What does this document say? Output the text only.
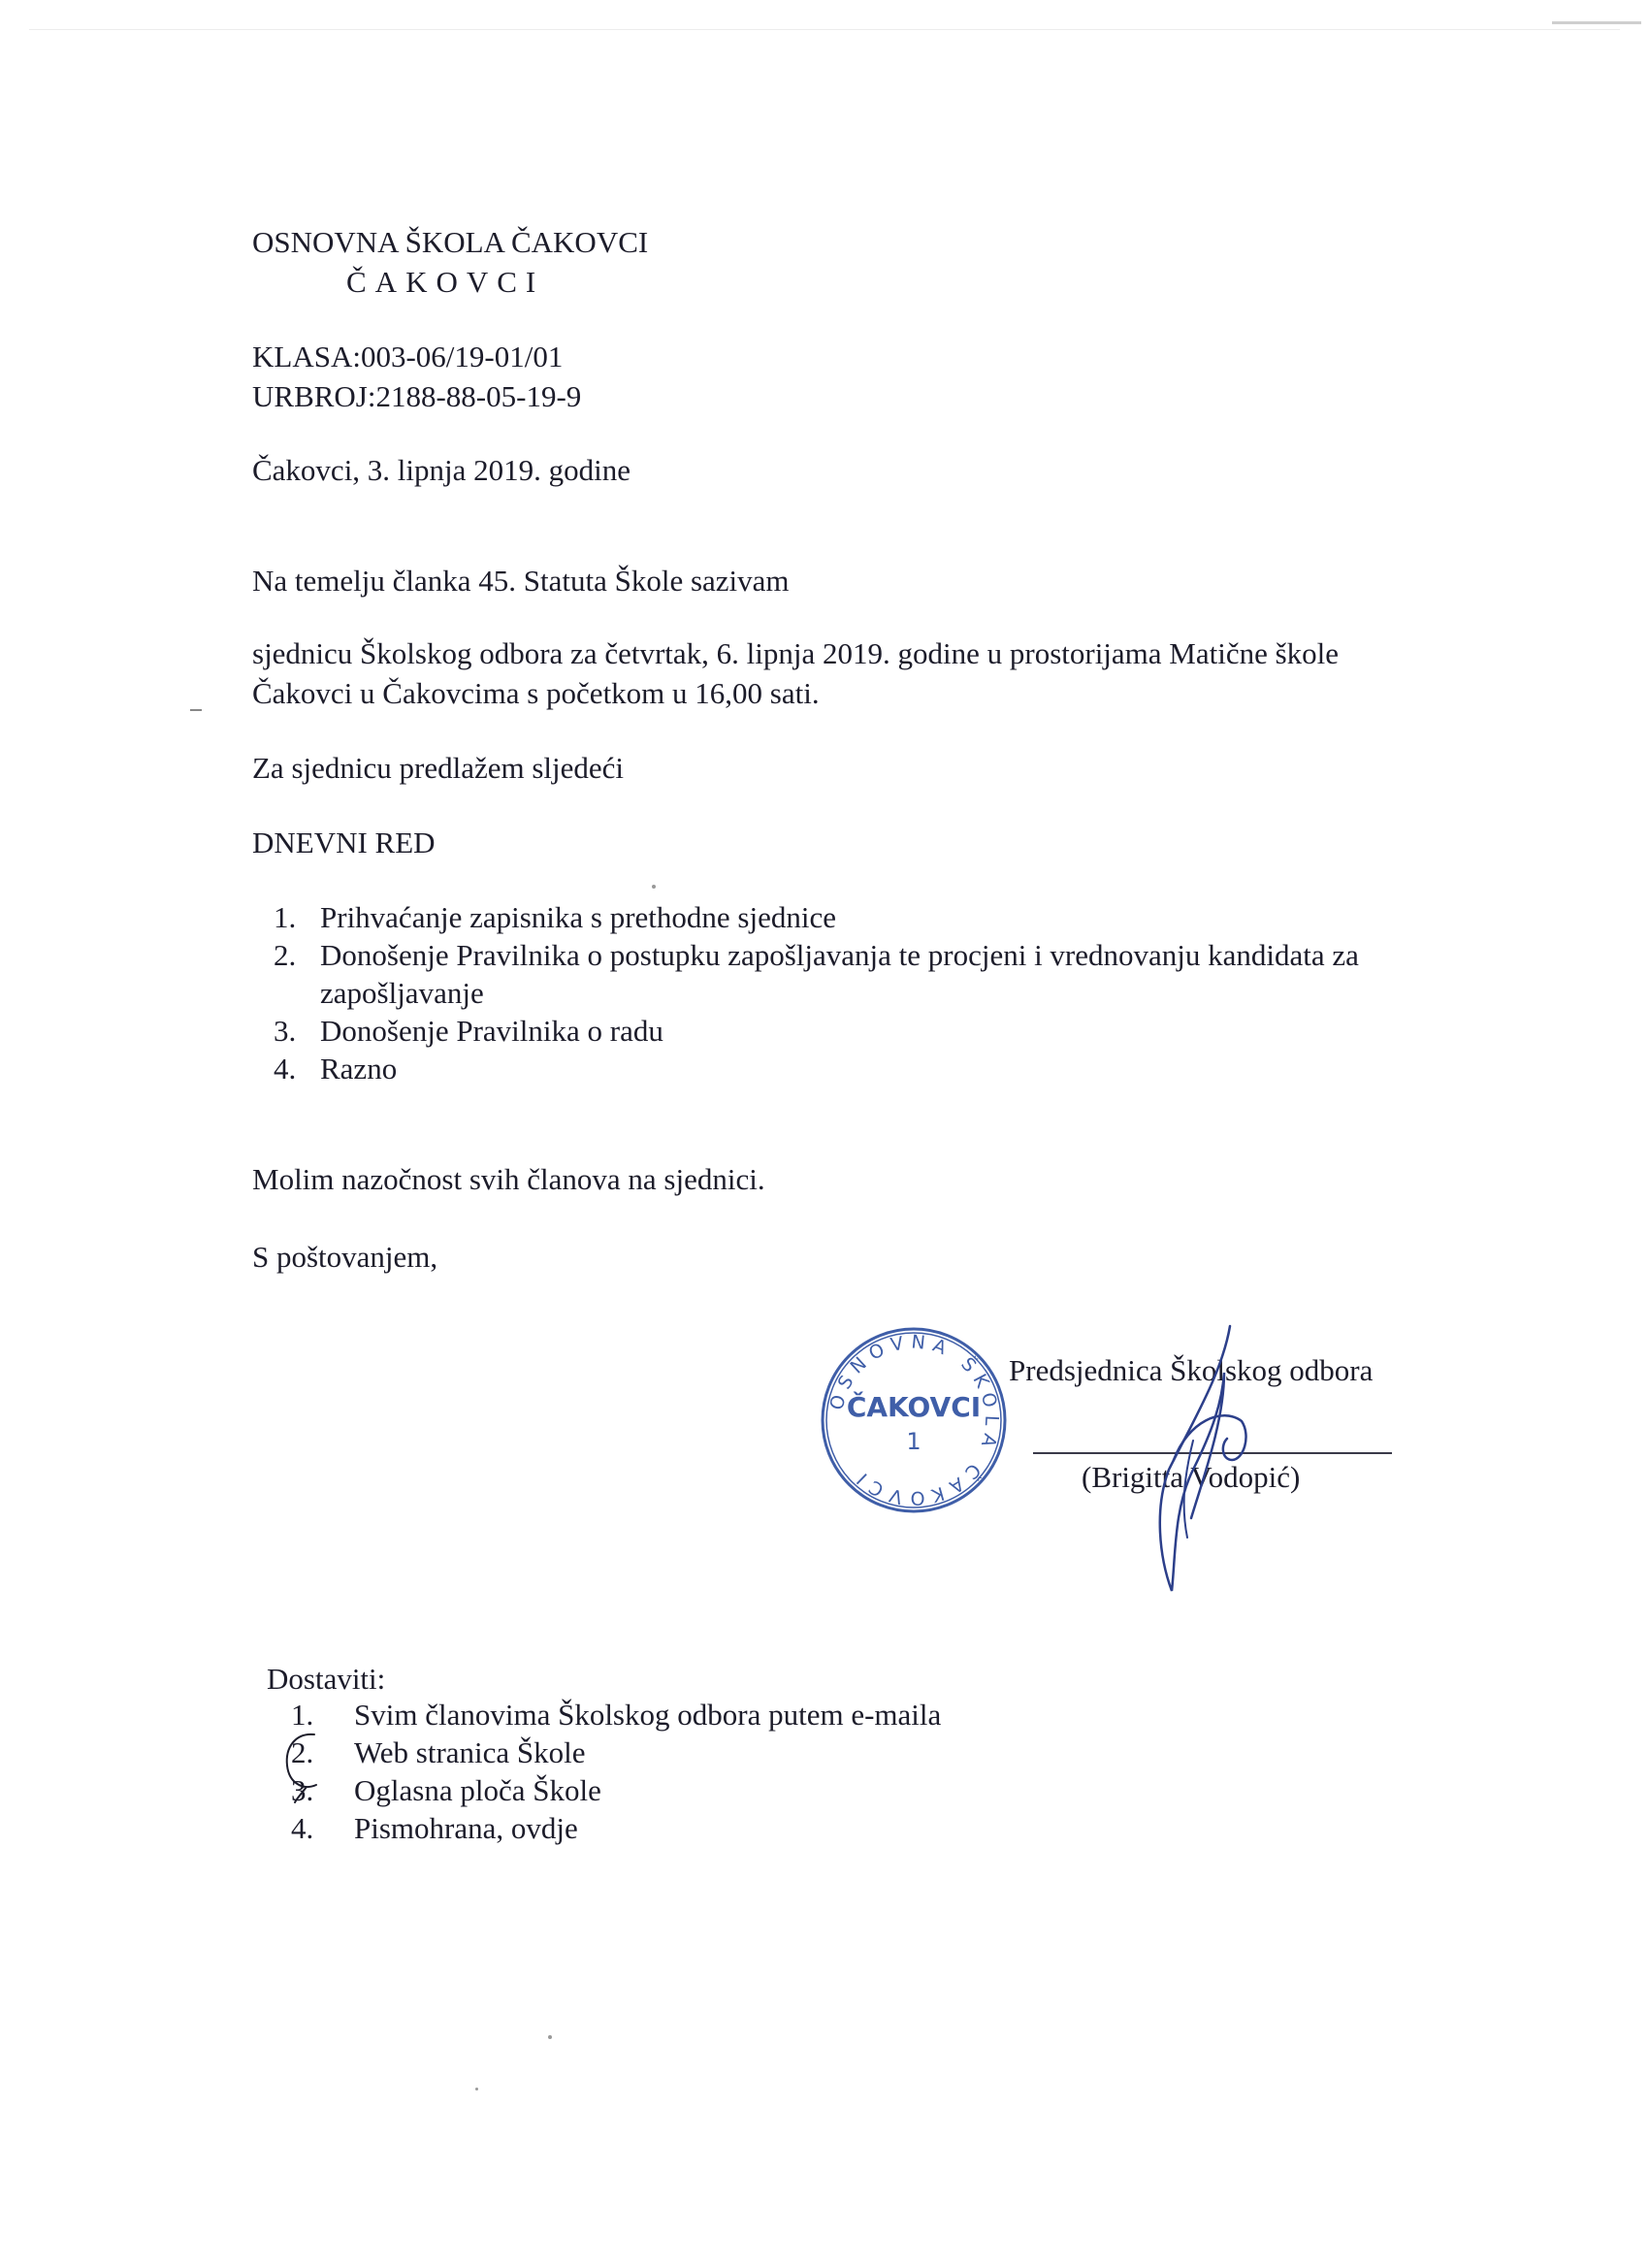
OSNOVNA ŠKOLA ČAKOVCI
ČAKOVCI
KLASA:003-06/19-01/01
URBROJ:2188-88-05-19-9
Čakovci, 3. lipnja 2019. godine
Na temelju članka 45. Statuta Škole sazivam
sjednicu Školskog odbora za četvrtak, 6. lipnja 2019. godine u prostorijama Matične škole
Čakovci u Čakovcima s početkom u 16,00 sati.
Za sjednicu predlažem sljedeći
DNEVNI RED
1. Prihvaćanje zapisnika s prethodne sjednice
2. Donošenje Pravilnika o postupku zapošljavanja te procjeni i vrednovanju kandidata za zapošljavanje
3. Donošenje Pravilnika o radu
4. Razno
Molim nazočnost svih članova na sjednici.
S poštovanjem,
OSNOVNA ŠKOLA ČAKOVCI
ČAKOVCI
1
Predsjednica Školskog odbora
(Brigitta Vodopić)
Dostaviti:
1. Svim članovima Školskog odbora putem e-maila
2. Web stranica Škole
3. Oglasna ploča Škole
4. Pismohrana, ovdje
